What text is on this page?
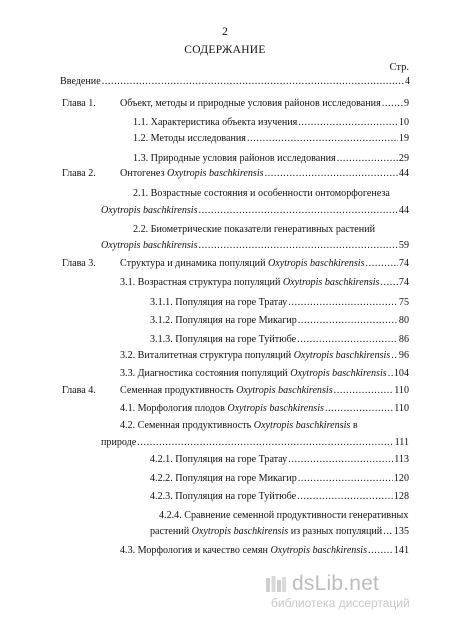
2
СОДЕРЖАНИЕ
Стр.
Введение .....	4
Глава 1. Объект, методы и природные условия районов исследования ..... 9
1.1. Характеристика объекта изучения .....	10
1.2. Методы исследования .....	19
1.3. Природные условия районов исследования .....	29
Глава 2. Онтогенез Oxytropis baschkirensis .....	44
2.1. Возрастные состояния и особенности онтоморфогенеза
Oxytropis baschkirensis .....	44
2.2. Биометрические показатели генеративных растений
Oxytropis baschkirensis .....	59
Глава 3. Структура и динамика популяций Oxytropis baschkirensis .....	74
3.1. Возрастная структура популяций Oxytropis baschkirensis ..... 74
3.1.1. Популяция на горе Тратау .....	75
3.1.2. Популяция на горе Микагир .....	80
3.1.3. Популяция на горе Туйтюбе .....	86
3.2. Виталитетная структура популяций Oxytropis baschkirensis ..... 96
3.3. Диагностика состояния популяций Oxytropis baschkirensis ..... 104
Глава 4. Семенная продуктивность Oxytropis baschkirensis .....	110
4.1. Морфология плодов Oxytropis baschkirensis .....	110
4.2. Семенная продуктивность Oxytropis baschkirensis в
природе .....	111
4.2.1. Популяция на горе Тратау .....	113
4.2.2. Популяция на горе Микагир .....	120
4.2.3. Популяция на горе Туйтюбе .....	128
4.2.4. Сравнение семенной продуктивности генеративных
растений Oxytropis baschkirensis из разных популяций ..... 135
4.3. Морфология и качество семян Oxytropis baschkirensis .....	141
dsLib.net
библиотека диссертаций
